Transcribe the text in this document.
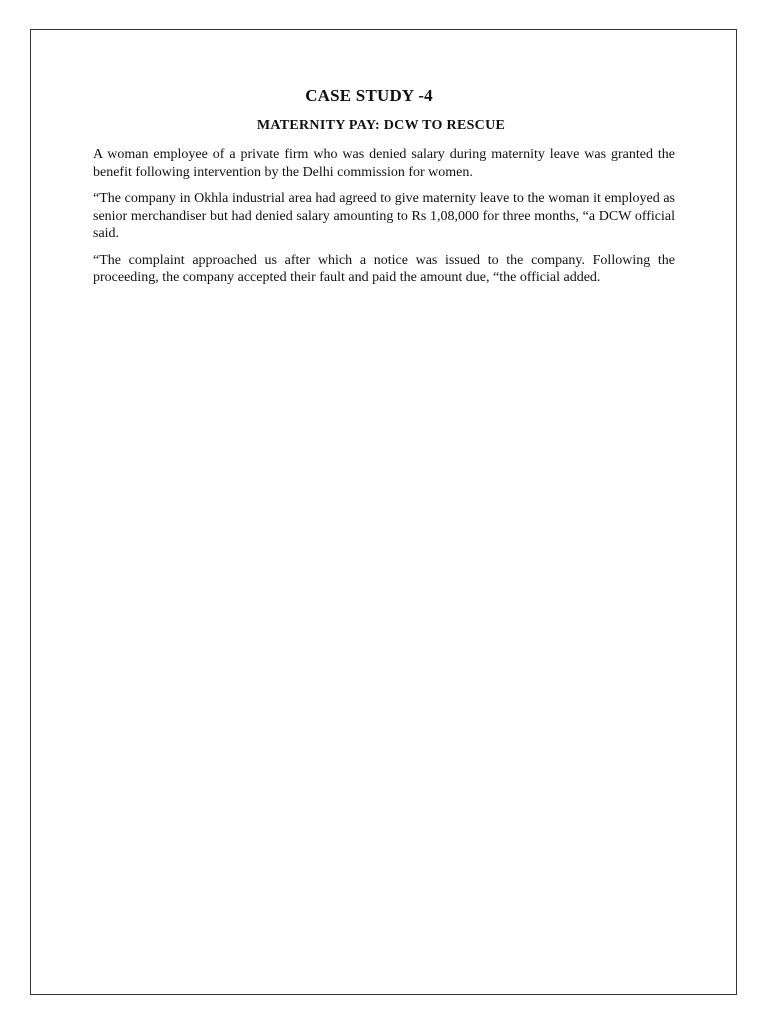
CASE STUDY -4
MATERNITY PAY: DCW TO RESCUE

A woman employee of a private firm who was denied salary during maternity leave was granted the benefit following intervention by the Delhi commission for women.

“The company in Okhla industrial area had agreed to give maternity leave to the woman it employed as senior merchandiser but had denied salary amounting to Rs 1,08,000 for three months, “a DCW official said.

“The complaint approached us after which a notice was issued to the company. Following the proceeding, the company accepted their fault and paid the amount due, “the official added.
